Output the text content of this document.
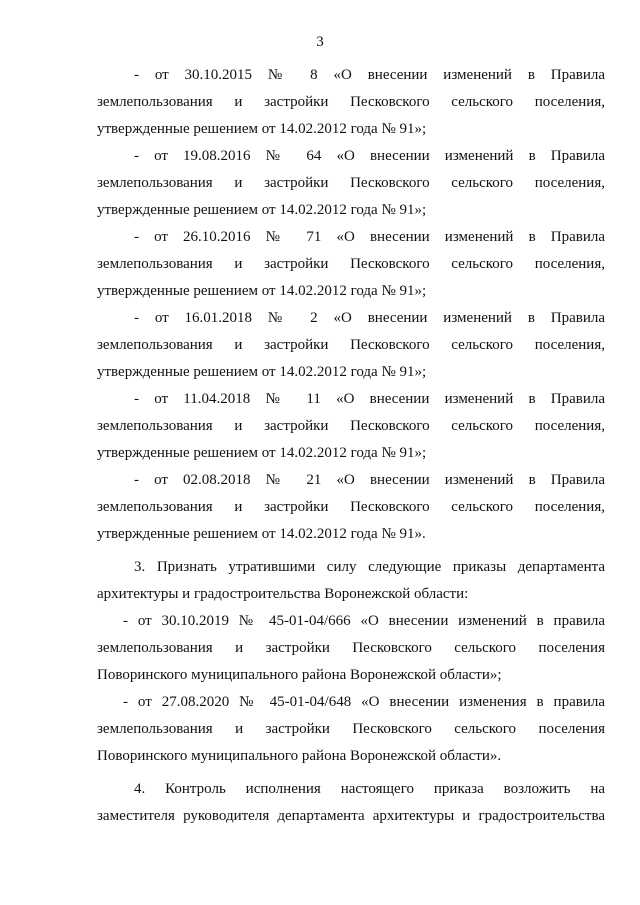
3
- от 30.10.2015 № 8 «О внесении изменений в Правила
землепользования и застройки Песковского сельского поселения,
утвержденные решением от 14.02.2012 года № 91»;
- от 19.08.2016 № 64 «О внесении изменений в Правила
землепользования и застройки Песковского сельского поселения,
утвержденные решением от 14.02.2012 года № 91»;
- от 26.10.2016 № 71 «О внесении изменений в Правила
землепользования и застройки Песковского сельского поселения,
утвержденные решением от 14.02.2012 года № 91»;
- от 16.01.2018 № 2 «О внесении изменений в Правила
землепользования и застройки Песковского сельского поселения,
утвержденные решением от 14.02.2012 года № 91»;
- от 11.04.2018 № 11 «О внесении изменений в Правила
землепользования и застройки Песковского сельского поселения,
утвержденные решением от 14.02.2012 года № 91»;
- от 02.08.2018 № 21 «О внесении изменений в Правила
землепользования и застройки Песковского сельского поселения,
утвержденные решением от 14.02.2012 года № 91».
3. Признать утратившими силу следующие приказы департамента
архитектуры и градостроительства Воронежской области:
- от 30.10.2019 № 45-01-04/666 «О внесении изменений в правила
землепользования и застройки Песковского сельского поселения
Поворинского муниципального района Воронежской области»;
- от 27.08.2020 № 45-01-04/648 «О внесении изменения в правила
землепользования и застройки Песковского сельского поселения
Поворинского муниципального района Воронежской области».
4. Контроль исполнения настоящего приказа возложить на
заместителя руководителя департамента архитектуры и градостроительства
